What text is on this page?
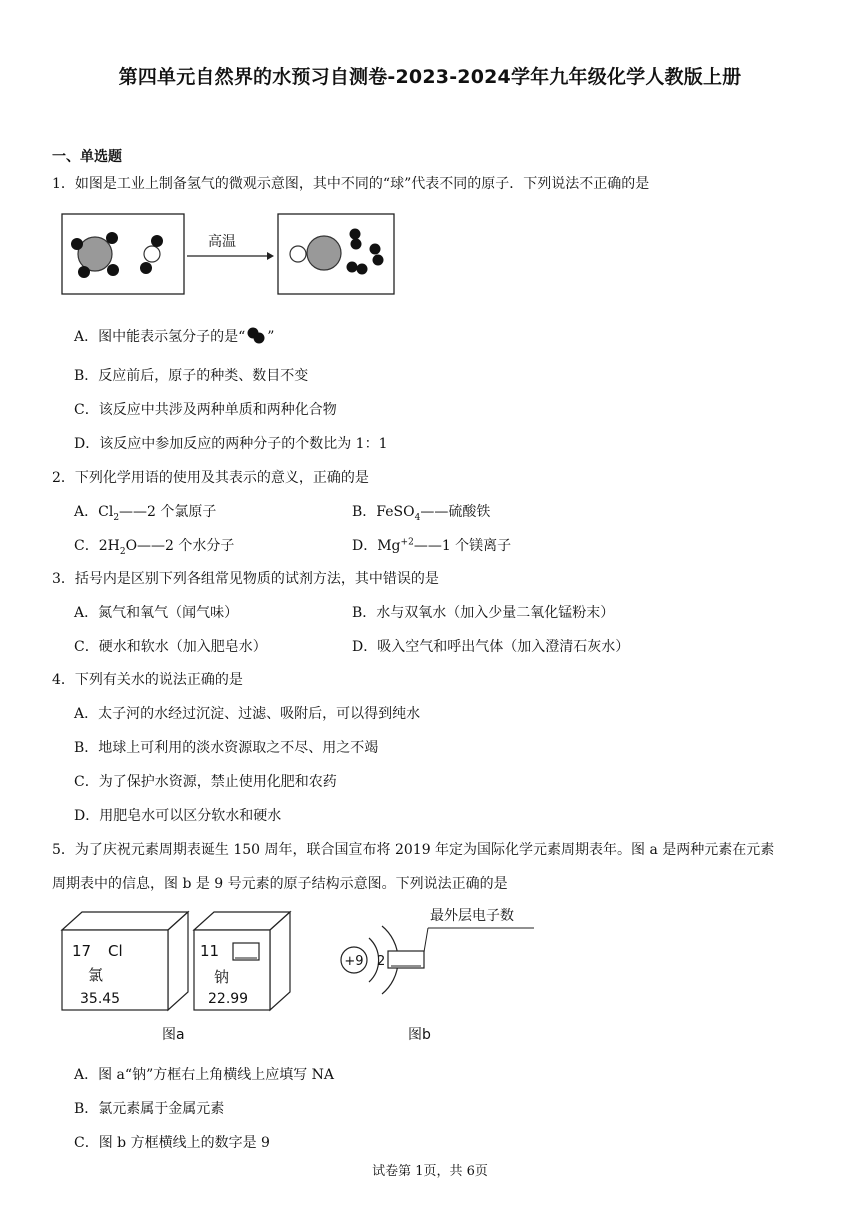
第四单元自然界的水预习自测卷-2023-2024学年九年级化学人教版上册
一、单选题
1．如图是工业上制备氢气的微观示意图，其中不同的“球”代表不同的原子．下列说法不正确的是
高温
A．图中能表示氢分子的是“ ”
B．反应前后，原子的种类、数目不变
C．该反应中共涉及两种单质和两种化合物
D．该反应中参加反应的两种分子的个数比为 1：1
2．下列化学用语的使用及其表示的意义，正确的是
A．$Cl_2——2$ 个氯原子	B．FeSO$_4$——硫酸铁
C．$2H_2O——2$ 个水分子	D．$Mg^{+2}——1$ 个镁离子
3．括号内是区别下列各组常见物质的试剂方法，其中错误的是
A．氮气和氧气（闻气味）	B．水与双氧水（加入少量二氧化锰粉末）
C．硬水和软水（加入肥皂水）	D．吸入空气和呼出气体（加入澄清石灰水）
4．下列有关水的说法正确的是
A．太子河的水经过沉淀、过滤、吸附后，可以得到纯水
B．地球上可利用的淡水资源取之不尽、用之不竭
C．为了保护水资源，禁止使用化肥和农药
D．用肥皂水可以区分软水和硬水
5．为了庆祝元素周期表诞生 150 周年，联合国宣布将 2019 年定为国际化学元素周期表年。图 a 是两种元素在元素
周期表中的信息，图 b 是 9 号元素的原子结构示意图。下列说法正确的是
17 Cl
氯
35.45
11
钠
22.99
+9 2
最外层电子数
图a	图b
A．图 a“钠”方框右上角横线上应填写 NA
B．氯元素属于金属元素
C．图 b 方框横线上的数字是 9
试卷第 1页，共 6页
